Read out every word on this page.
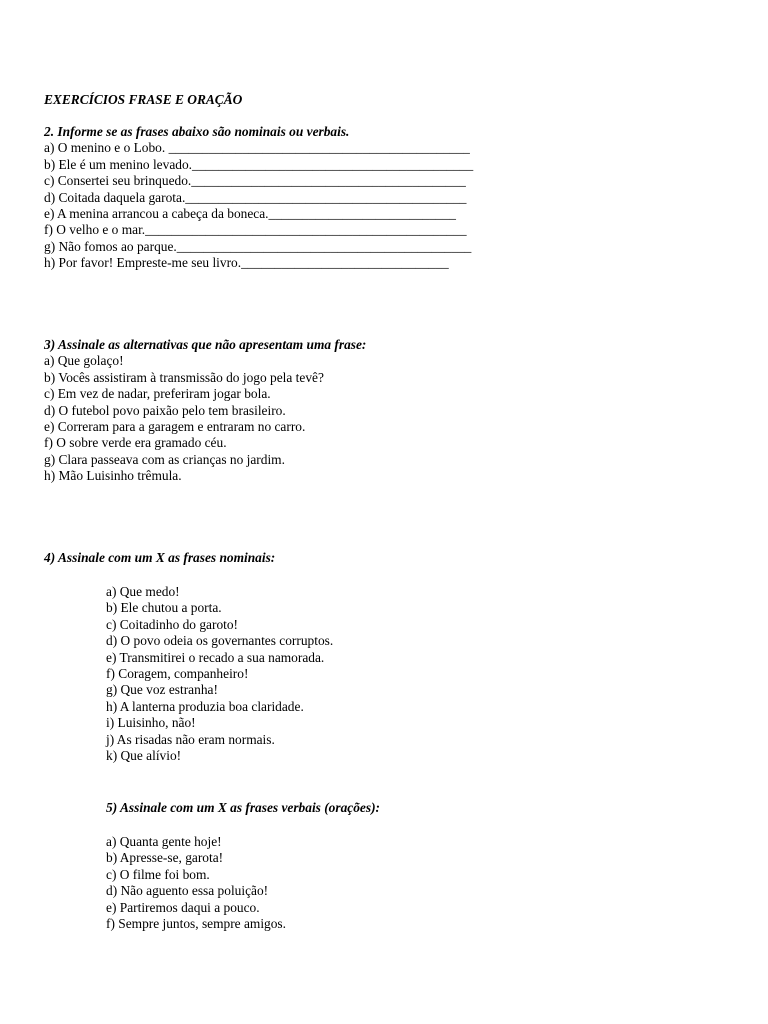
EXERCÍCIOS FRASE E ORAÇÃO
2. Informe se as frases abaixo são nominais ou verbais.
a) O menino e o Lobo. _____________________________________________
b) Ele é um menino levado.__________________________________________
c) Consertei seu brinquedo._________________________________________
d) Coitada daquela garota.__________________________________________
e) A menina arrancou a cabeça da boneca.____________________________
f) O velho e o mar.________________________________________________
g) Não fomos ao parque.____________________________________________
h) Por favor! Empreste-me seu livro._______________________________
3) Assinale as alternativas que não apresentam uma frase:
a) Que golaço!
b) Vocês assistiram à transmissão do jogo pela tevê?
c) Em vez de nadar, preferiram jogar bola.
d) O futebol povo paixão pelo tem brasileiro.
e) Correram para a garagem e entraram no carro.
f) O sobre verde era gramado céu.
g) Clara passeava com as crianças no jardim.
h) Mão Luisinho trêmula.
4) Assinale com um X as frases nominais:
a) Que medo!
b) Ele chutou a porta.
c) Coitadinho do garoto!
d) O povo odeia os governantes corruptos.
e) Transmitirei o recado a sua namorada.
f) Coragem, companheiro!
g) Que voz estranha!
h) A lanterna produzia boa claridade.
i) Luisinho, não!
j) As risadas não eram normais.
k) Que alívio!
5) Assinale com um X as frases verbais (orações):
a) Quanta gente hoje!
b) Apresse-se, garota!
c) O filme foi bom.
d) Não aguento essa poluição!
e) Partiremos daqui a pouco.
f) Sempre juntos, sempre amigos.
